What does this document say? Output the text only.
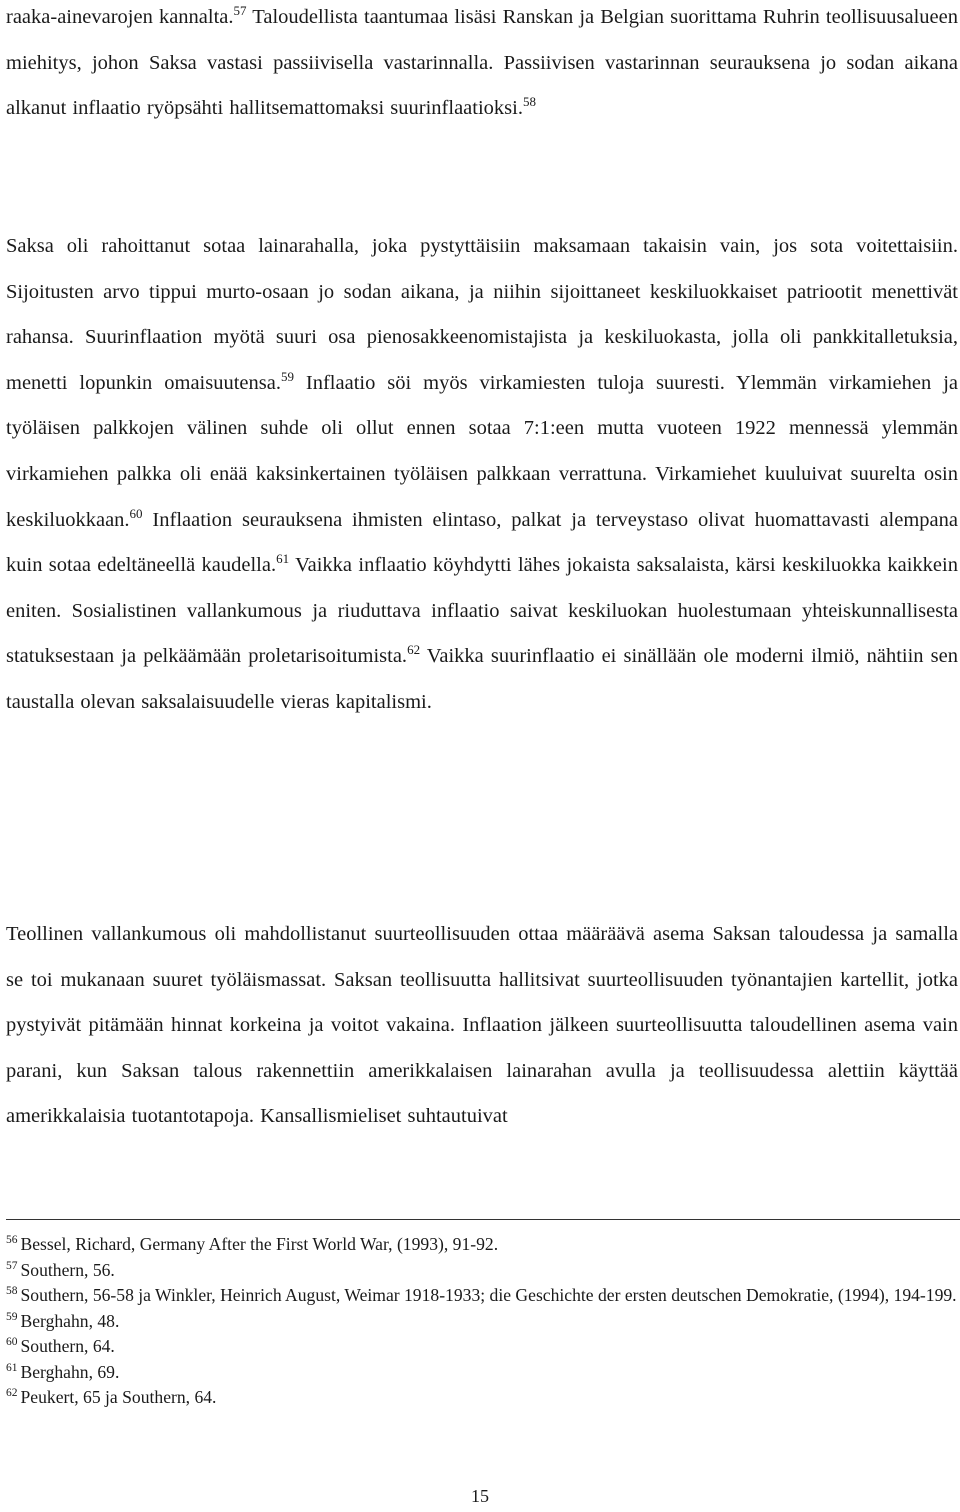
raaka-ainevarojen kannalta.$^{57}$ Taloudellista taantumaa lisäsi Ranskan ja Belgian suorittama Ruhrin teollisuusalueen miehitys, johon Saksa vastasi passiivisella vastarinnalla. Passiivisen vastarinnan seurauksena jo sodan aikana alkanut inflaatio ryöpsähti hallitsemattomaksi suurinflaatioksi.$^{58}$
Saksa oli rahoittanut sotaa lainarahalla, joka pystyttäisiin maksamaan takaisin vain, jos sota voitettaisiin. Sijoitusten arvo tippui murto-osaan jo sodan aikana, ja niihin sijoittaneet keskiluokkaiset patriootit menettivät rahansa. Suurinflaation myötä suuri osa pienosakkeenomistajista ja keskiluokasta, jolla oli pankkitalletuksia, menetti lopunkin omaisuutensa.$^{59}$ Inflaatio söi myös virkamiesten tuloja suuresti. Ylemmän virkamiehen ja työläisen palkkojen välinen suhde oli ollut ennen sotaa 7:1:een mutta vuoteen 1922 mennessä ylemmän virkamiehen palkka oli enää kaksinkertainen työläisen palkkaan verrattuna. Virkamiehet kuuluivat suurelta osin keskiluokkaan.$^{60}$ Inflaation seurauksena ihmisten elintaso, palkat ja terveystaso olivat huomattavasti alempana kuin sotaa edeltäneellä kaudella.$^{61}$ Vaikka inflaatio köyhdytti lähes jokaista saksalaista, kärsi keskiluokka kaikkein eniten. Sosialistinen vallankumous ja riuduttava inflaatio saivat keskiluokan huolestumaan yhteiskunnallisesta statuksestaan ja pelkäämään proletarisoitumista.$^{62}$ Vaikka suurinflaatio ei sinällään ole moderni ilmiö, nähtiin sen taustalla olevan saksalaisuudelle vieras kapitalismi.
Teollinen vallankumous oli mahdollistanut suurteollisuuden ottaa määräävä asema Saksan taloudessa ja samalla se toi mukanaan suuret työläismassat. Saksan teollisuutta hallitsivat suurteollisuuden työnantajien kartellit, jotka pystyivät pitämään hinnat korkeina ja voitot vakaina. Inflaation jälkeen suurteollisuutta taloudellinen asema vain parani, kun Saksan talous rakennettiin amerikkalaisen lainarahan avulla ja teollisuudessa alettiin käyttää amerikkalaisia tuotantotapoja. Kansallismieliset suhtautuivat

$^{56}$ Bessel, Richard, Germany After the First World War, (1993), 91-92.

$^{57}$ Southern, 56.

$^{58}$ Southern, 56-58 ja Winkler, Heinrich August, Weimar 1918-1933; die Geschichte der ersten deutschen Demokratie, (1994), 194-199.

$^{59}$ Berghahn, 48.

$^{60}$ Southern, 64.

$^{61}$ Berghahn, 69.

$^{62}$ Peukert, 65 ja Southern, 64.

15
